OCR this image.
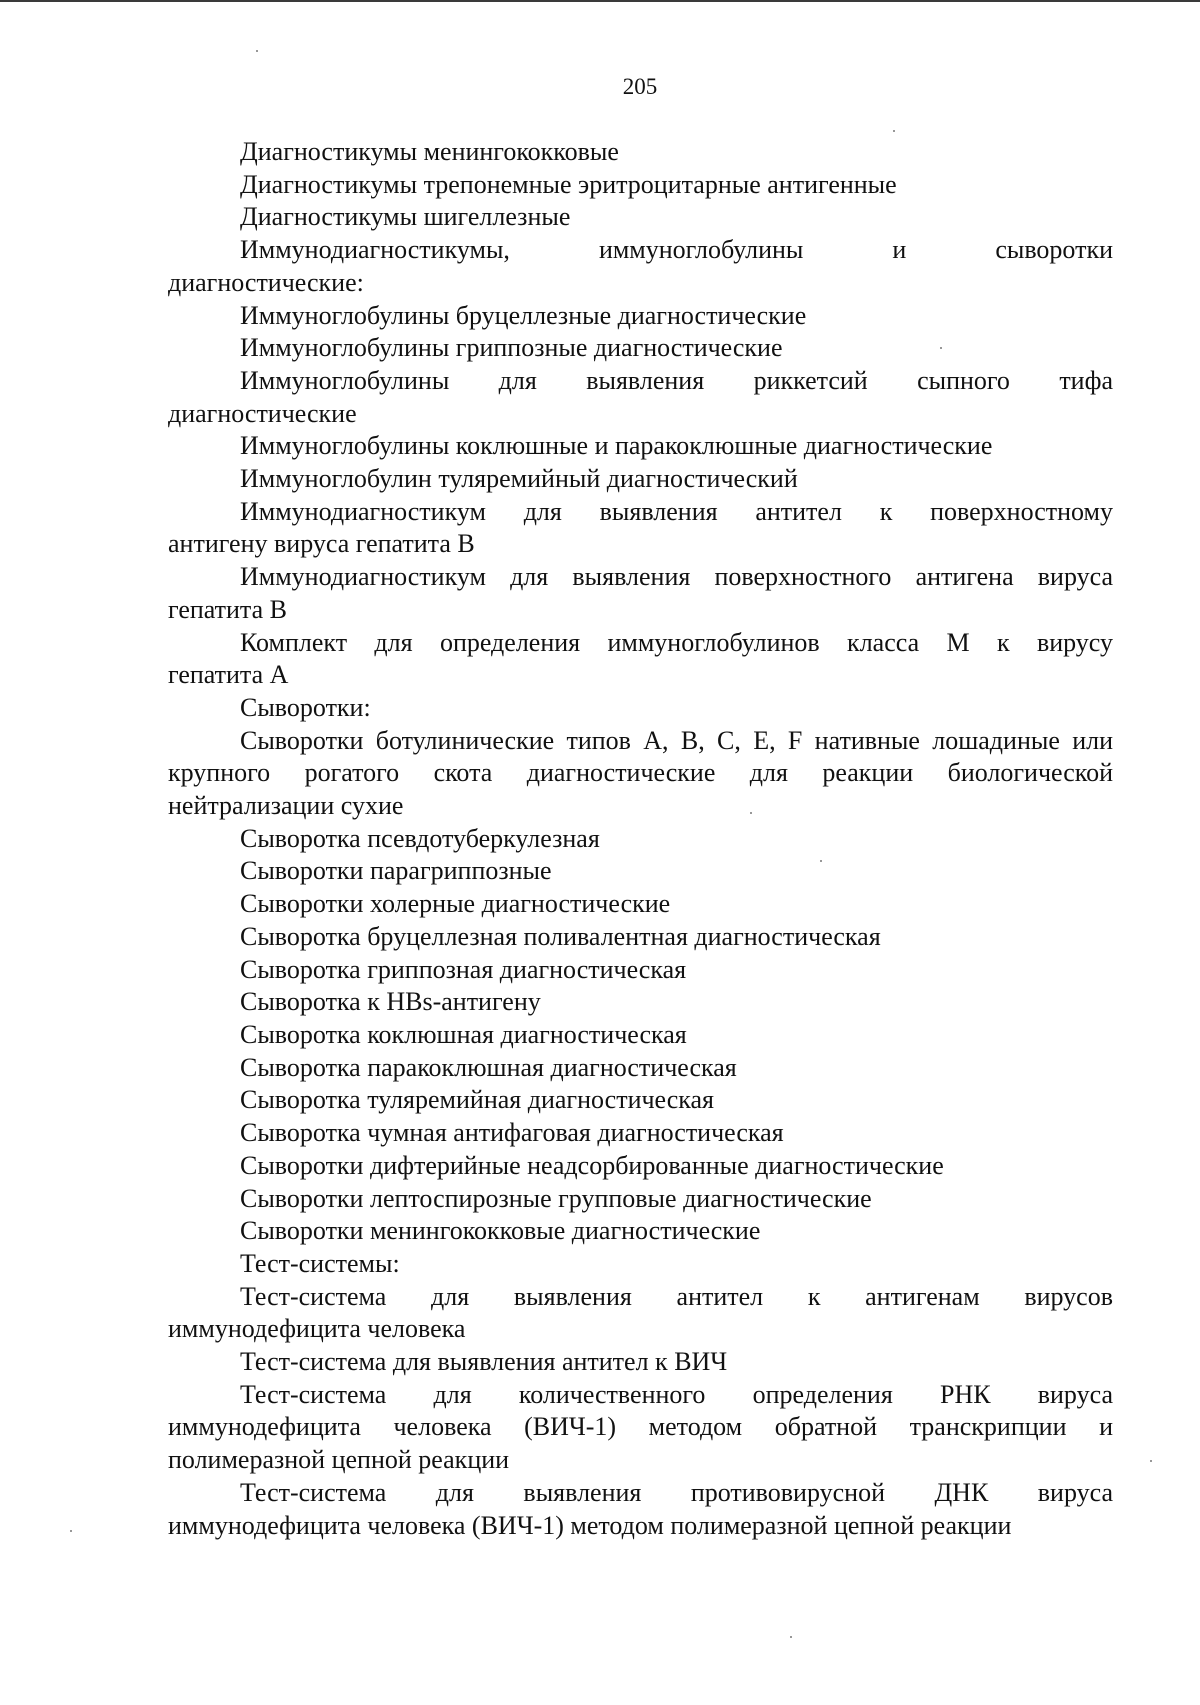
205
Диагностикумы менингококковые
Диагностикумы трепонемные эритроцитарные антигенные
Диагностикумы шигеллезные
Иммунодиагностикумы, иммуноглобулины и сыворотки
диагностические:
Иммуноглобулины бруцеллезные диагностические
Иммуноглобулины гриппозные диагностические
Иммуноглобулины для выявления риккетсий сыпного тифа
диагностические
Иммуноглобулины коклюшные и паракоклюшные диагностические
Иммуноглобулин туляремийный диагностический
Иммунодиагностикум для выявления антител к поверхностному
антигену вируса гепатита В
Иммунодиагностикум для выявления поверхностного антигена вируса
гепатита В
Комплект для определения иммуноглобулинов класса М к вирусу
гепатита А
Сыворотки:
Сыворотки ботулинические типов А, В, С, Е, F нативные лошадиные или
крупного рогатого скота диагностические для реакции биологической
нейтрализации сухие
Сыворотка псевдотуберкулезная
Сыворотки парагриппозные
Сыворотки холерные диагностические
Сыворотка бруцеллезная поливалентная диагностическая
Сыворотка гриппозная диагностическая
Сыворотка к HBs-антигену
Сыворотка коклюшная диагностическая
Сыворотка паракоклюшная диагностическая
Сыворотка туляремийная диагностическая
Сыворотка чумная антифаговая диагностическая
Сыворотки дифтерийные неадсорбированные диагностические
Сыворотки лептоспирозные групповые диагностические
Сыворотки менингококковые диагностические
Тест-системы:
Тест-система для выявления антител к антигенам вирусов
иммунодефицита человека
Тест-система для выявления антител к ВИЧ
Тест-система для количественного определения РНК вируса
иммунодефицита человека (ВИЧ-1) методом обратной транскрипции и
полимеразной цепной реакции
Тест-система для выявления противовирусной ДНК вируса
иммунодефицита человека (ВИЧ-1) методом полимеразной цепной реакции
